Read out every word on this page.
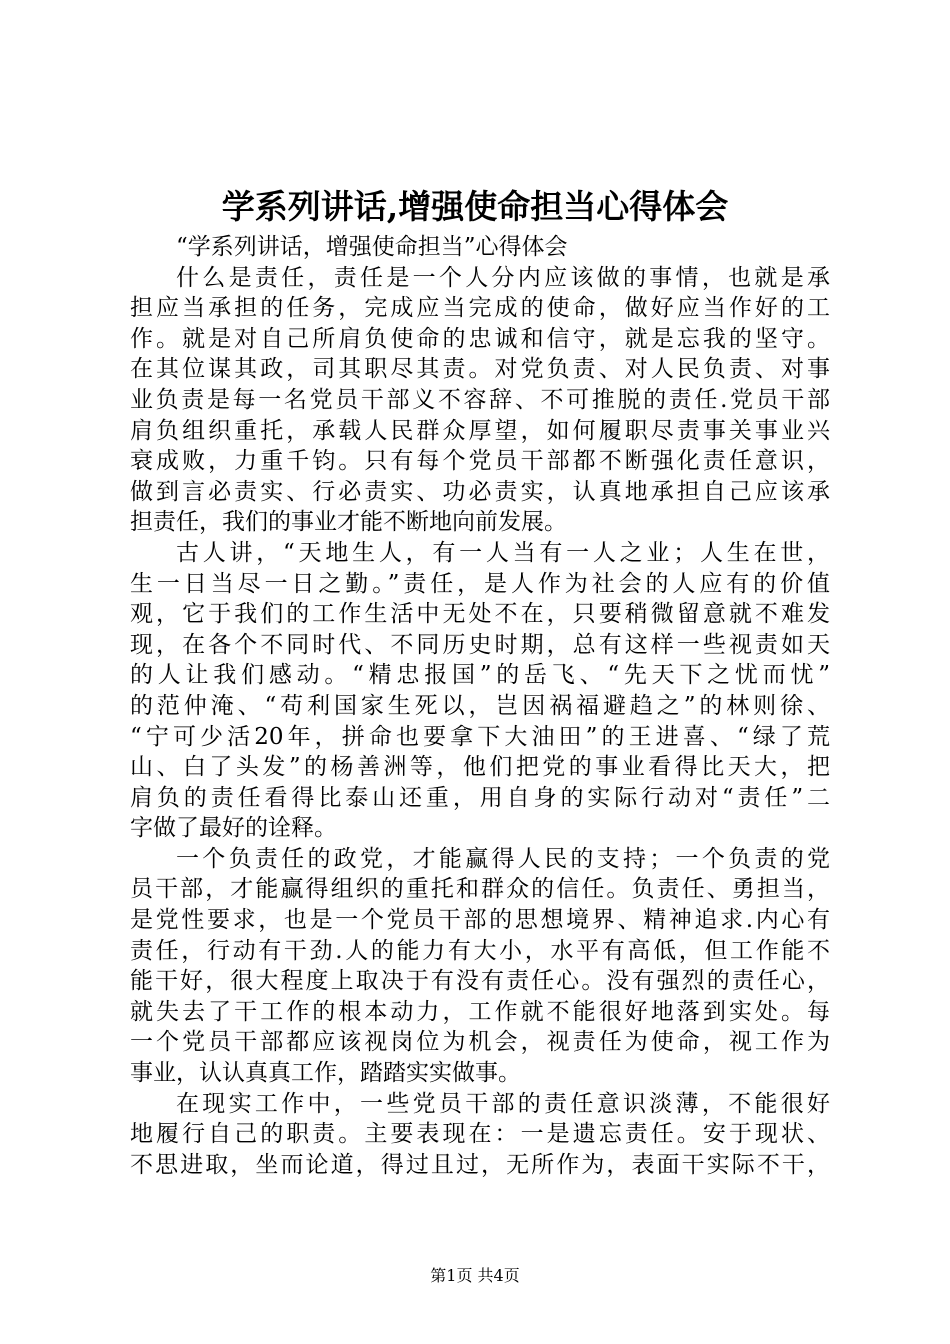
学系列讲话,增强使命担当心得体会
“学系列讲话，增强使命担当”心得体会
什么是责任，责任是一个人分内应该做的事情，也就是承
担应当承担的任务，完成应当完成的使命，做好应当作好的工
作。就是对自己所肩负使命的忠诚和信守，就是忘我的坚守。
在其位谋其政，司其职尽其责。对党负责、对人民负责、对事
业负责是每一名党员干部义不容辞、不可推脱的责任.党员干部
肩负组织重托，承载人民群众厚望，如何履职尽责事关事业兴
衰成败，力重千钧。只有每个党员干部都不断强化责任意识，
做到言必责实、行必责实、功必责实，认真地承担自己应该承
担责任，我们的事业才能不断地向前发展。
古人讲，“天地生人，有一人当有一人之业；人生在世，
生一日当尽一日之勤。”责任，是人作为社会的人应有的价值
观，它于我们的工作生活中无处不在，只要稍微留意就不难发
现，在各个不同时代、不同历史时期，总有这样一些视责如天
的人让我们感动。“精忠报国”的岳飞、“先天下之忧而忧”
的范仲淹、“苟利国家生死以，岂因祸福避趋之”的林则徐、
“宁可少活20年，拼命也要拿下大油田”的王进喜、“绿了荒
山、白了头发”的杨善洲等，他们把党的事业看得比天大，把
肩负的责任看得比泰山还重，用自身的实际行动对“责任”二
字做了最好的诠释。
一个负责任的政党，才能赢得人民的支持；一个负责的党
员干部，才能赢得组织的重托和群众的信任。负责任、勇担当，
是党性要求，也是一个党员干部的思想境界、精神追求.内心有
责任，行动有干劲.人的能力有大小，水平有高低，但工作能不
能干好，很大程度上取决于有没有责任心。没有强烈的责任心，
就失去了干工作的根本动力，工作就不能很好地落到实处。每
一个党员干部都应该视岗位为机会，视责任为使命，视工作为
事业，认认真真工作，踏踏实实做事。
在现实工作中，一些党员干部的责任意识淡薄，不能很好
地履行自己的职责。主要表现在：一是遗忘责任。安于现状、
不思进取，坐而论道，得过且过，无所作为，表面干实际不干，
第1页 共4页
